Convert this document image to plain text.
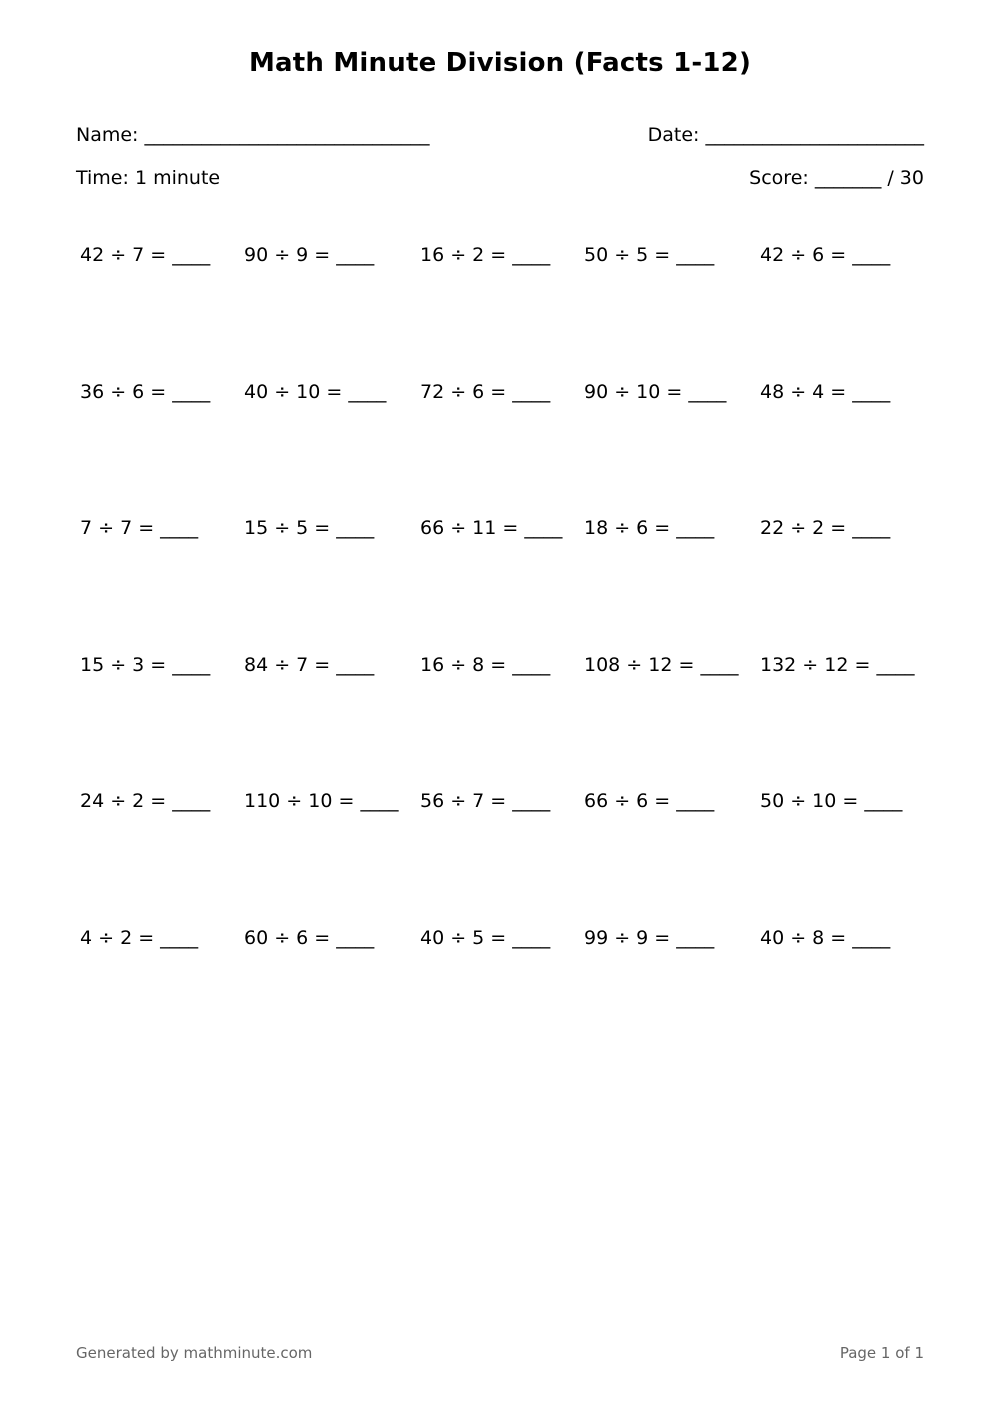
Math Minute Division (Facts 1-12)
Name: ______________________________	Date: _______________________
Time: 1 minute	Score: _______ / 30
42 ÷ 7 = ____ 90 ÷ 9 = ____ 16 ÷ 2 = ____ 50 ÷ 5 = ____ 42 ÷ 6 = ____
36 ÷ 6 = ____ 40 ÷ 10 = ____ 72 ÷ 6 = ____ 90 ÷ 10 = ____ 48 ÷ 4 = ____
7 ÷ 7 = ____ 15 ÷ 5 = ____ 66 ÷ 11 = ____ 18 ÷ 6 = ____ 22 ÷ 2 = ____
15 ÷ 3 = ____ 84 ÷ 7 = ____ 16 ÷ 8 = ____ 108 ÷ 12 = ____ 132 ÷ 12 = ____
24 ÷ 2 = ____ 110 ÷ 10 = ____ 56 ÷ 7 = ____ 66 ÷ 6 = ____ 50 ÷ 10 = ____
4 ÷ 2 = ____ 60 ÷ 6 = ____ 40 ÷ 5 = ____ 99 ÷ 9 = ____ 40 ÷ 8 = ____
Generated by mathminute.com	Page 1 of 1
